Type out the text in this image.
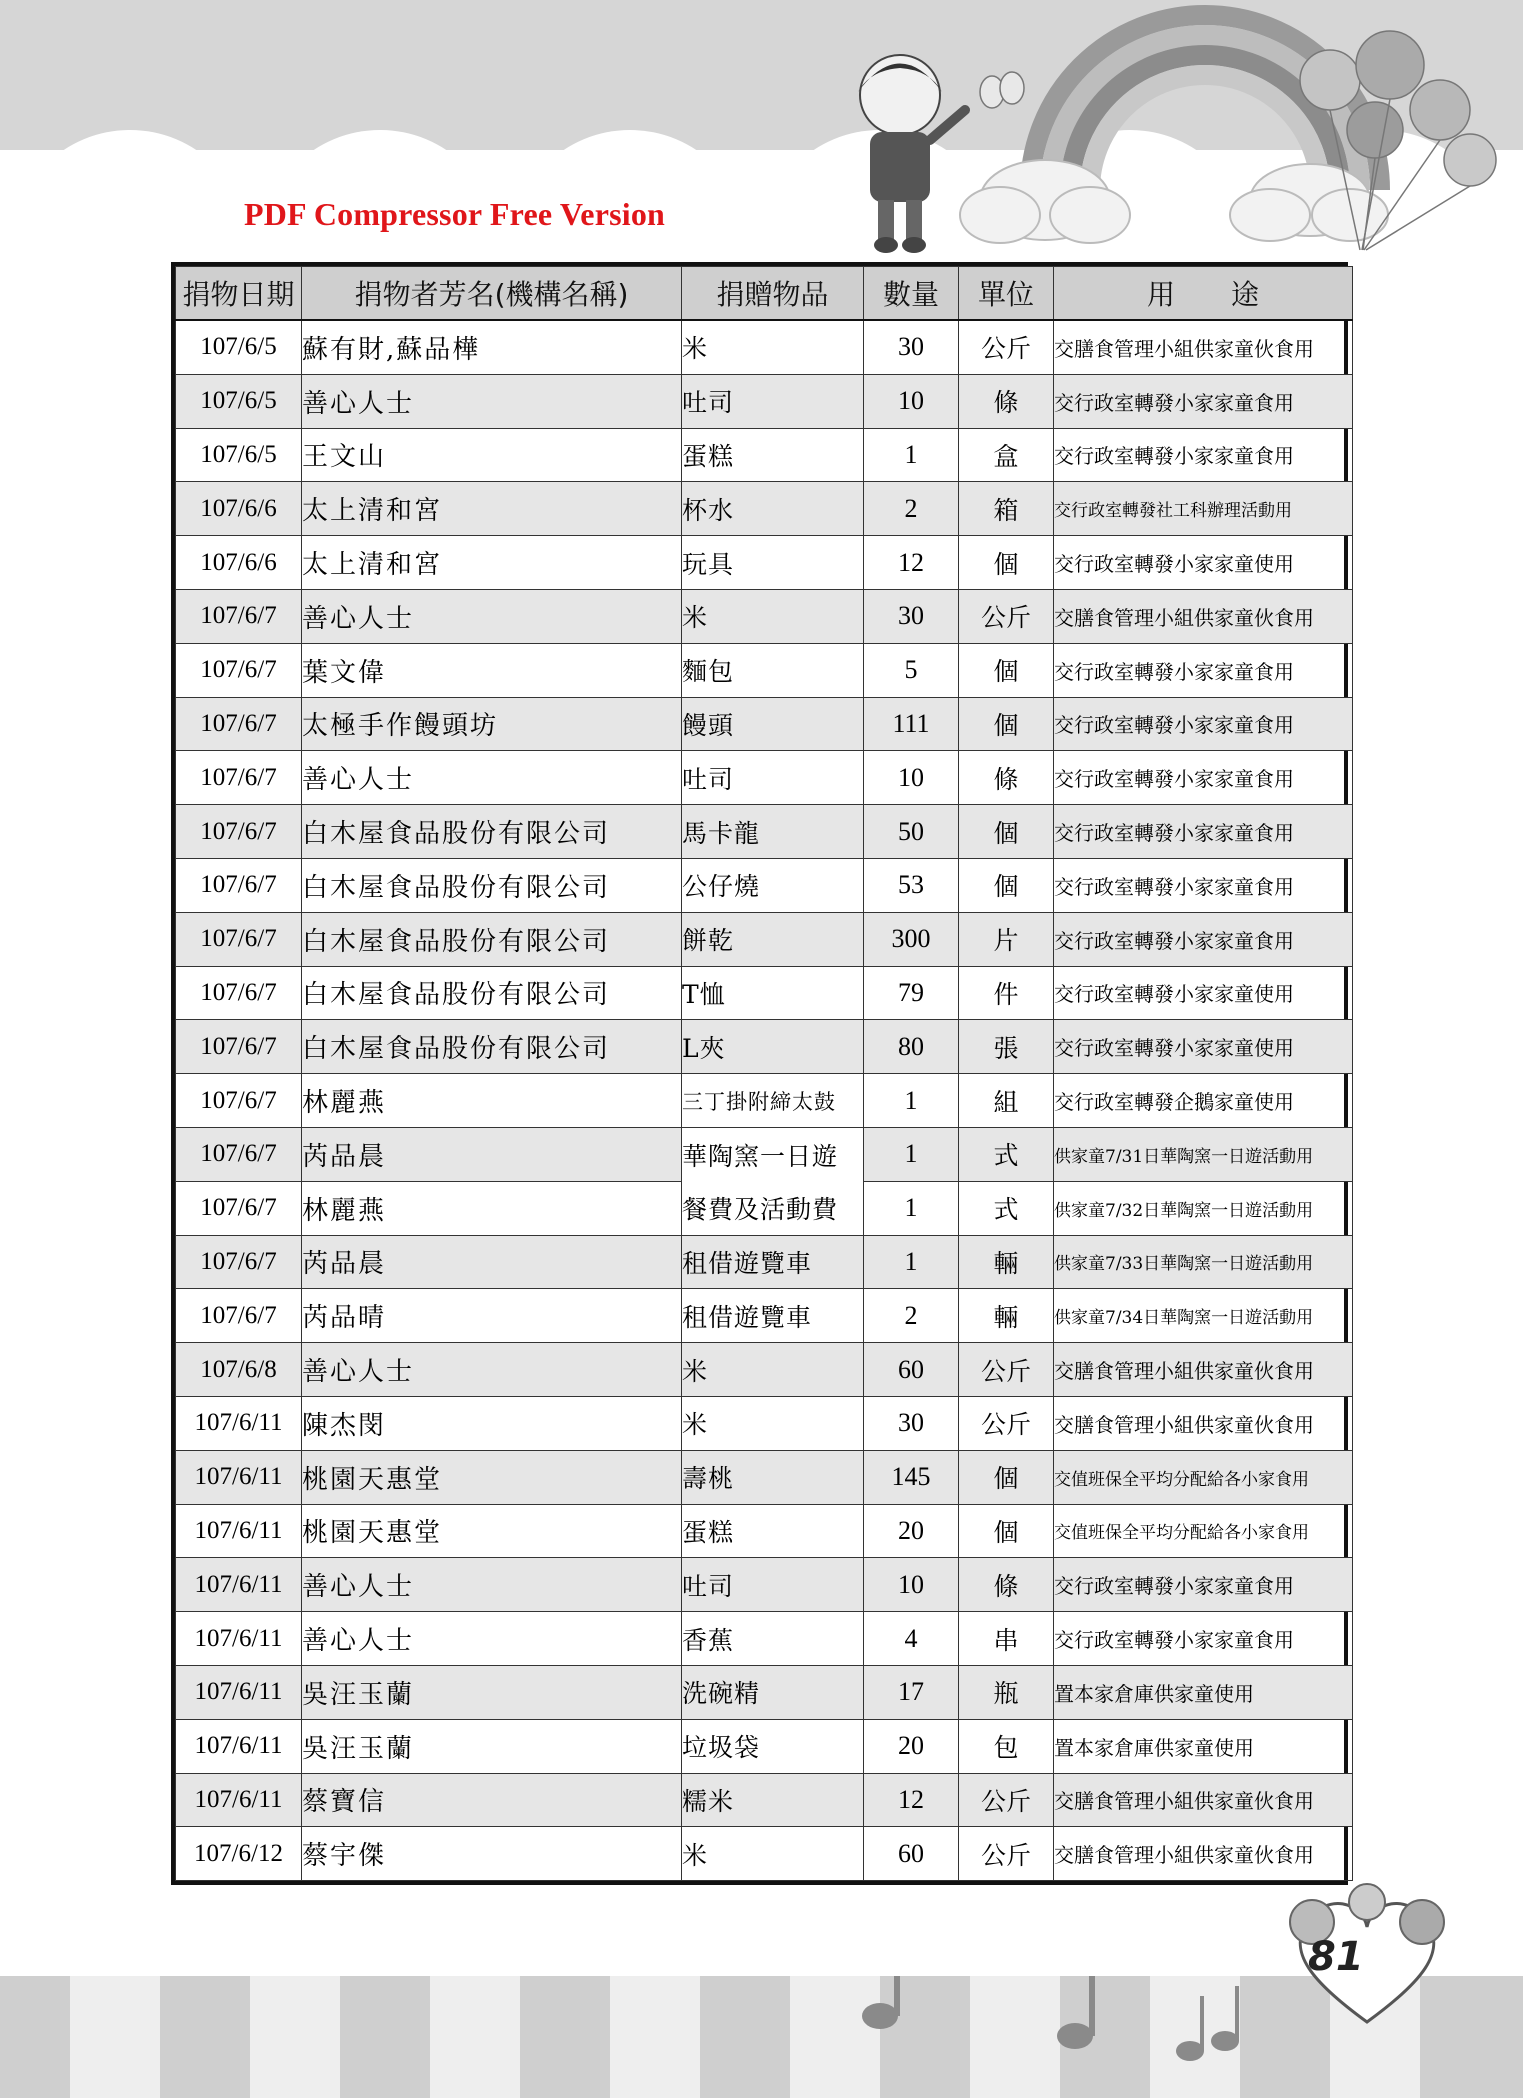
PDF Compressor Free Version
捐物日期	捐物者芳名(機構名稱)	捐贈物品	數量	單位	用　　途
107/6/5	蘇有財,蘇品樺	米	30	公斤	交膳食管理小組供家童伙食用
107/6/5	善心人士	吐司	10	條	交行政室轉發小家家童食用
107/6/5	王文山	蛋糕	1	盒	交行政室轉發小家家童食用
107/6/6	太上清和宮	杯水	2	箱	交行政室轉發社工科辦理活動用
107/6/6	太上清和宮	玩具	12	個	交行政室轉發小家家童使用
107/6/7	善心人士	米	30	公斤	交膳食管理小組供家童伙食用
107/6/7	葉文偉	麵包	5	個	交行政室轉發小家家童食用
107/6/7	太極手作饅頭坊	饅頭	111	個	交行政室轉發小家家童食用
107/6/7	善心人士	吐司	10	條	交行政室轉發小家家童食用
107/6/7	白木屋食品股份有限公司	馬卡龍	50	個	交行政室轉發小家家童食用
107/6/7	白木屋食品股份有限公司	公仔燒	53	個	交行政室轉發小家家童食用
107/6/7	白木屋食品股份有限公司	餅乾	300	片	交行政室轉發小家家童食用
107/6/7	白木屋食品股份有限公司	T恤	79	件	交行政室轉發小家家童使用
107/6/7	白木屋食品股份有限公司	L夾	80	張	交行政室轉發小家家童使用
107/6/7	林麗燕	三丁掛附締太鼓	1	組	交行政室轉發企鵝家童使用
107/6/7	芮品晨	華陶窯一日遊	1	式	供家童7/31日華陶窯一日遊活動用
107/6/7	林麗燕	餐費及活動費	1	式	供家童7/32日華陶窯一日遊活動用
107/6/7	芮品晨	租借遊覽車	1	輛	供家童7/33日華陶窯一日遊活動用
107/6/7	芮品晴	租借遊覽車	2	輛	供家童7/34日華陶窯一日遊活動用
107/6/8	善心人士	米	60	公斤	交膳食管理小組供家童伙食用
107/6/11	陳杰閔	米	30	公斤	交膳食管理小組供家童伙食用
107/6/11	桃園天惠堂	壽桃	145	個	交值班保全平均分配給各小家食用
107/6/11	桃園天惠堂	蛋糕	20	個	交值班保全平均分配給各小家食用
107/6/11	善心人士	吐司	10	條	交行政室轉發小家家童食用
107/6/11	善心人士	香蕉	4	串	交行政室轉發小家家童食用
107/6/11	吳汪玉蘭	洗碗精	17	瓶	置本家倉庫供家童使用
107/6/11	吳汪玉蘭	垃圾袋	20	包	置本家倉庫供家童使用
107/6/11	蔡寶信	糯米	12	公斤	交膳食管理小組供家童伙食用
107/6/12	蔡宇傑	米	60	公斤	交膳食管理小組供家童伙食用
81
